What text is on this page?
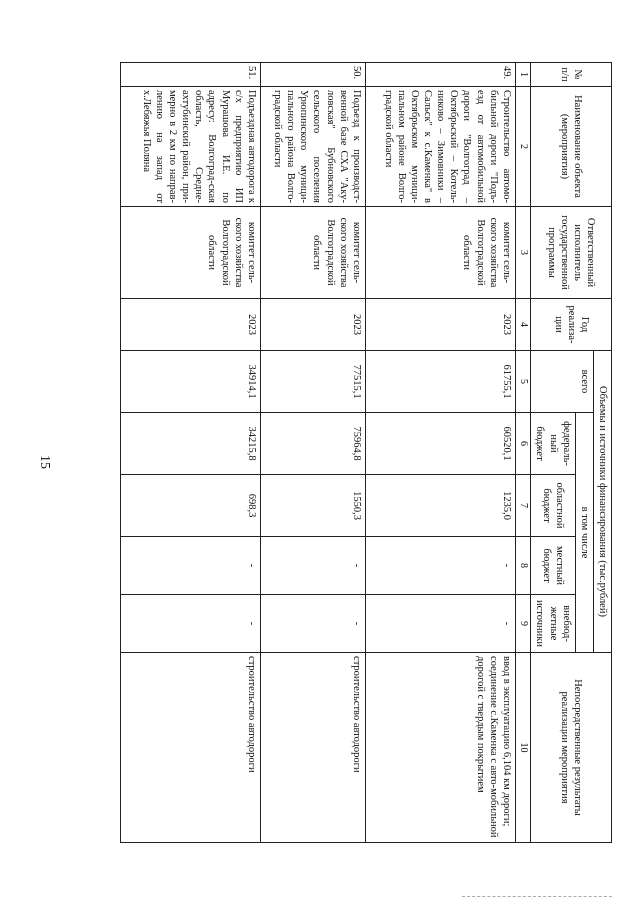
15
№ п/п	Наименование объекта (мероприятия)	Ответственный исполнитель государственной программы	Год реализа-ции	Объемы и источники финансирования (тыс.рублей)					Непосредственные результаты реализации мероприятия
				всего	в том числе				
					федераль-ный бюджет	областной бюджет	местный бюджет	внебюд-жетные источники	
1	2	3	4	5	6	7	8	9	10
49.	Строительство автомо-бильной дороги "Подъ-езд от автомобильной дороги "Волгоград – Октябрьский – Котель-никово – Зимовники – Сальск" к с.Каменка" в Октябрьском муници-пальном районе Волго-градской области	комитет сель-ского хозяйства Волгоградской области	2023	61755,1	60520,1	1235,0	-	-	ввод в эксплуатацию 6,104 км дороги; соединение с.Каменка с авто-мобильной дорогой с твердым покрытием
50.	Подъезд к производст-венной базе СХА "Аку-ловская" Бубновского сельского поселения Урюпинского муници-пального района Волго-градской области	комитет сель-ского хозяйства Волгоградской области	2023	77515,1	75964,8	1550,3	-	-	строительство автодороги
51.	Подъездная автодорога к с/х предприятию ИП Мурашова И.Е. по адресу: Волгоград-ская область, Средне-ахтубинский район, при-мерно в 2 км по направ-лению на запад от х.Лебяжья Поляна	комитет сель-ского хозяйства Волгоградской области	2023	34914,1	34215,8	698,3	-	-	строительство автодороги
